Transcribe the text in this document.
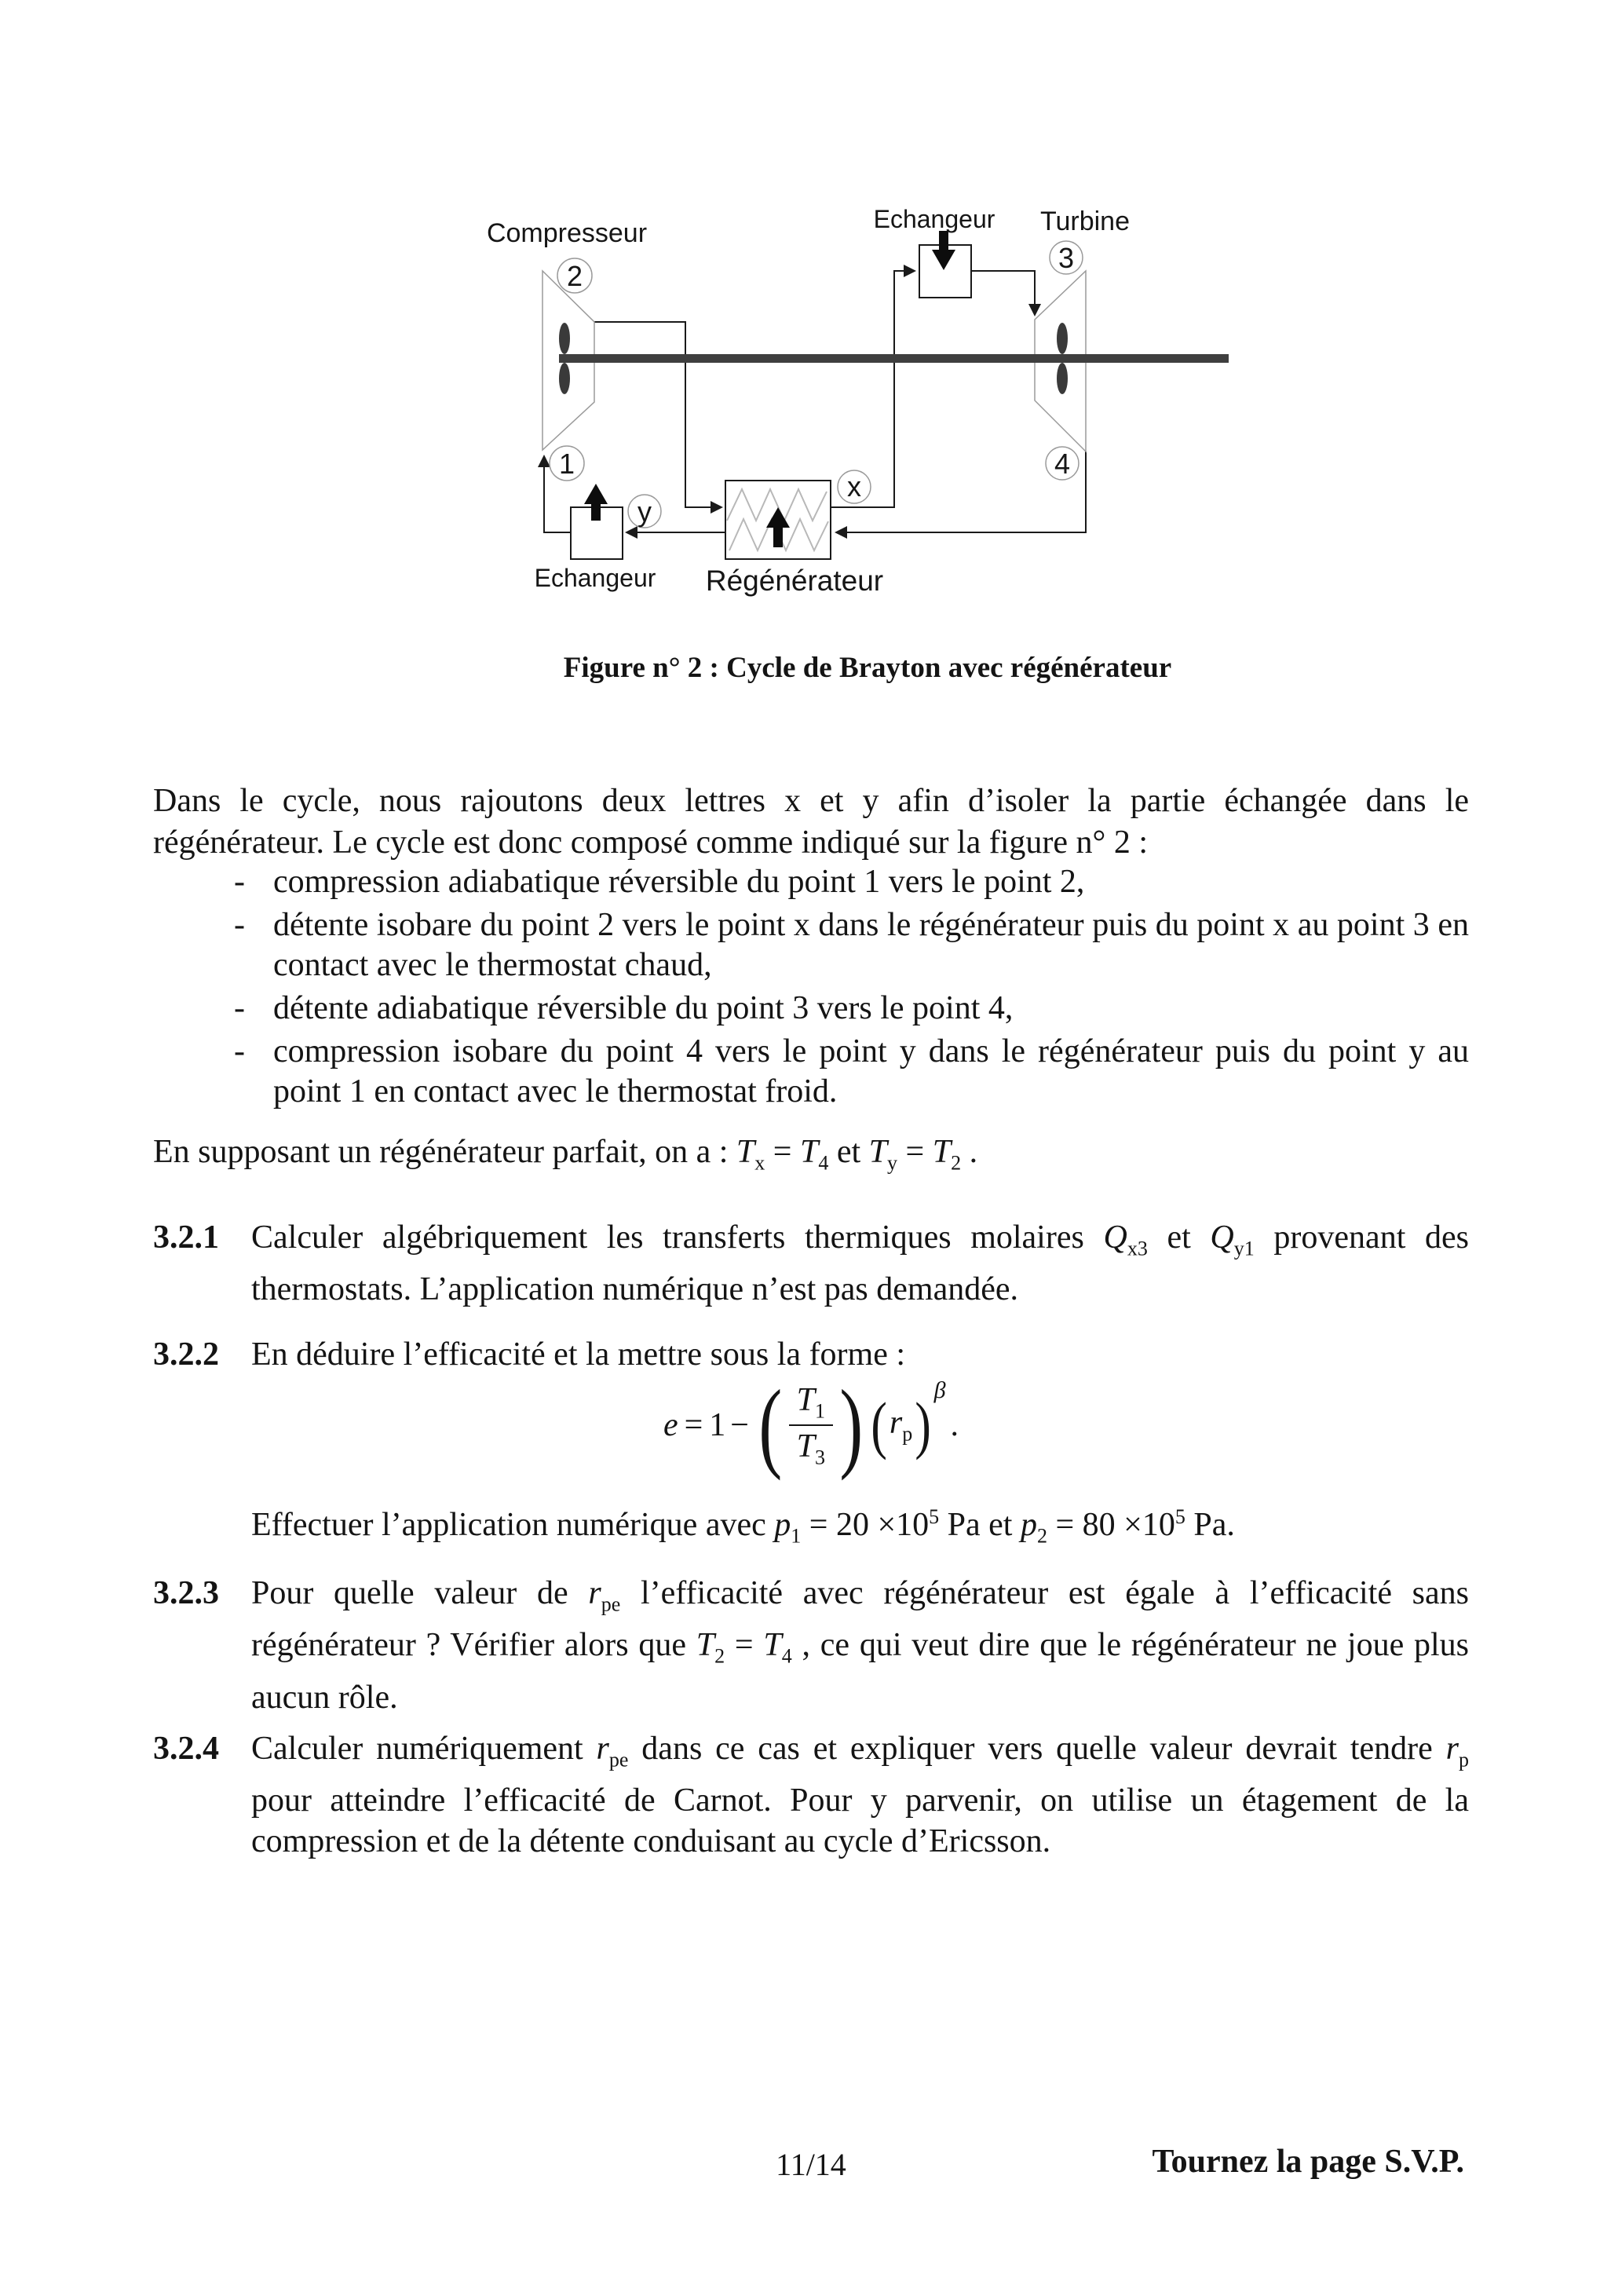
2
1
3
4
x
y
Compresseur	Echangeur Turbine
Echangeur Régénérateur
Figure n° 2 : Cycle de Brayton avec régénérateur
Dans le cycle, nous rajoutons deux lettres x et y afin d’isoler la partie échangée dans le régénérateur. Le cycle est donc composé comme indiqué sur la figure n° 2 :
- compression adiabatique réversible du point 1 vers le point 2,
- détente isobare du point 2 vers le point x dans le régénérateur puis du point x au point 3 en contact avec le thermostat chaud,
- détente adiabatique réversible du point 3 vers le point 4,
- compression isobare du point 4 vers le point y dans le régénérateur puis du point y au point 1 en contact avec le thermostat froid.
En supposant un régénérateur parfait, on a : $T_x = T_4$ et $T_y = T_2$ .
3.2.1 Calculer algébriquement les transferts thermiques molaires $Q_{x3}$ et $Q_{y1}$ provenant des thermostats. L’application numérique n’est pas demandée.
3.2.2 En déduire l’efficacité et la mettre sous la forme :
e = 1 − ( $\frac{T_1}{T_3}$ ) ( $r_p$ ) β
.
Effectuer l’application numérique avec $p_1 = 20 \times 10^5$ Pa et $p_2 = 80 \times 10^5$ Pa.
3.2.3 Pour quelle valeur de $r_{pe}$ l’efficacité avec régénérateur est égale à l’efficacité sans régénérateur ? Vérifier alors que $T_2 = T_4$ , ce qui veut dire que le régénérateur ne joue plus aucun rôle.
3.2.4 Calculer numériquement $r_{pe}$ dans ce cas et expliquer vers quelle valeur devrait tendre $r_p$ pour atteindre l’efficacité de Carnot. Pour y parvenir, on utilise un étagement de la compression et de la détente conduisant au cycle d’Ericsson.
11/14	Tournez la page S.V.P.
